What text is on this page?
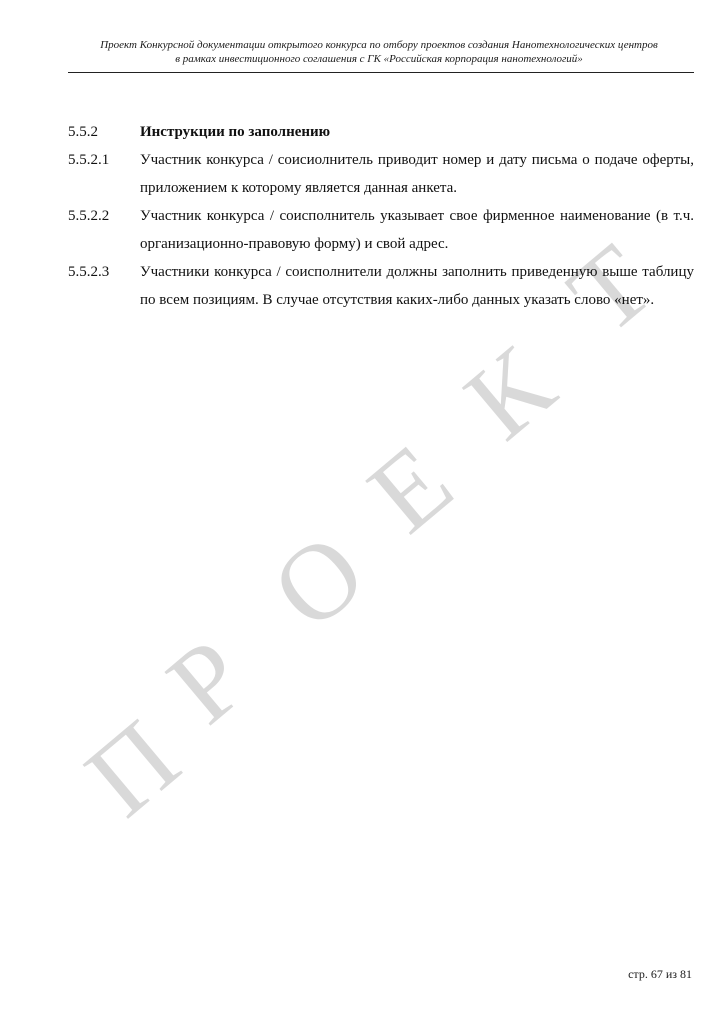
Проект Конкурсной документации открытого конкурса по отбору проектов создания Нанотехнологических центров
в рамках инвестиционного соглашения с ГК «Российская корпорация нанотехнологий»
П
Р
О
Е
К
Т
5.5.2	Инструкции по заполнению
5.5.2.1	Участник конкурса / соисиолнитель приводит номер и дату письма о подаче оферты, приложением к которому является данная анкета.
5.5.2.2	Участник конкурса / соисполнитель указывает свое фирменное наименование (в т.ч. организационно-правовую форму) и свой адрес.
5.5.2.3	Участники конкурса / соисполнители должны заполнить приведенную выше таблицу по всем позициям. В случае отсутствия каких-либо данных указать слово «нет».
стр. 67 из 81
